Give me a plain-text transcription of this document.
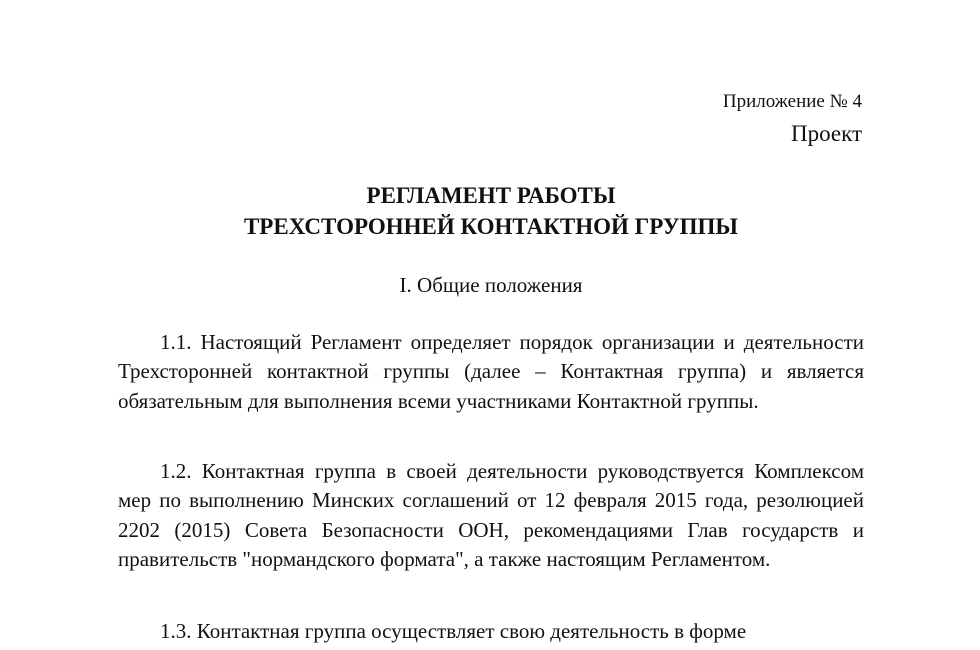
Приложение № 4
Проект
РЕГЛАМЕНТ РАБОТЫ
ТРЕХСТОРОННЕЙ КОНТАКТНОЙ ГРУППЫ
I. Общие положения

1.1. Настоящий Регламент определяет порядок организации и деятельности Трехсторонней контактной группы (далее – Контактная группа) и является обязательным для выполнения всеми участниками Контактной группы.

1.2. Контактная группа в своей деятельности руководствуется Комплексом мер по выполнению Минских соглашений от 12 февраля 2015 года, резолюцией 2202 (2015) Совета Безопасности ООН, рекомендациями Глав государств и правительств "нормандского формата", а также настоящим Регламентом.

1.3. Контактная группа осуществляет свою деятельность в форме
